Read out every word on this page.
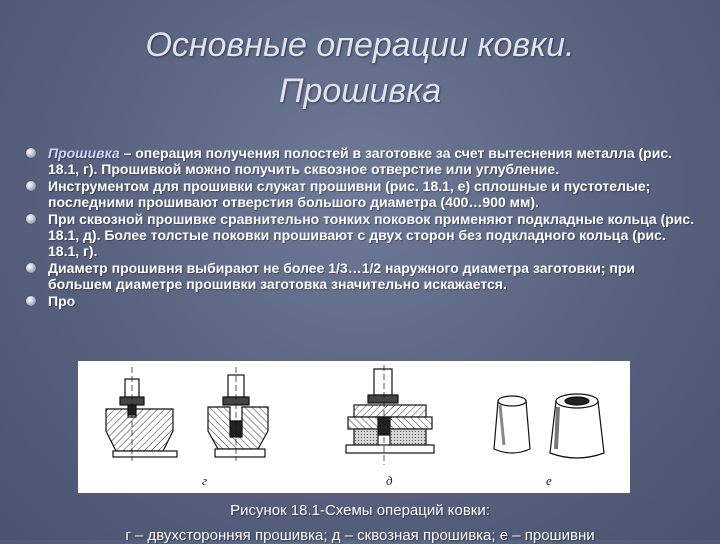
Основные операции ковки.
Прошивка
Прошивка – операция получения полостей в заготовке за счет вытеснения металла (рис. 18.1, г). Прошивкой можно получить сквозное отверстие или углубление.
Инструментом для прошивки служат прошивни (рис. 18.1, е) сплошные и пустотелые; последними прошивают отверстия большого диаметра (400…900 мм).
При сквозной прошивке сравнительно тонких поковок применяют подкладные кольца (рис. 18.1, д). Более толстые поковки прошивают с двух сторон без подкладного кольца (рис. 18.1, г).
Диаметр прошивня выбирают не более 1/3…1/2 наружного диаметра заготовки; при большем диаметре прошивки заготовка значительно искажается.
Про
г	д	е
Рисунок 18.1-Схемы операций ковки:
г – двухсторонняя прошивка; д – сквозная прошивка; е – прошивни
